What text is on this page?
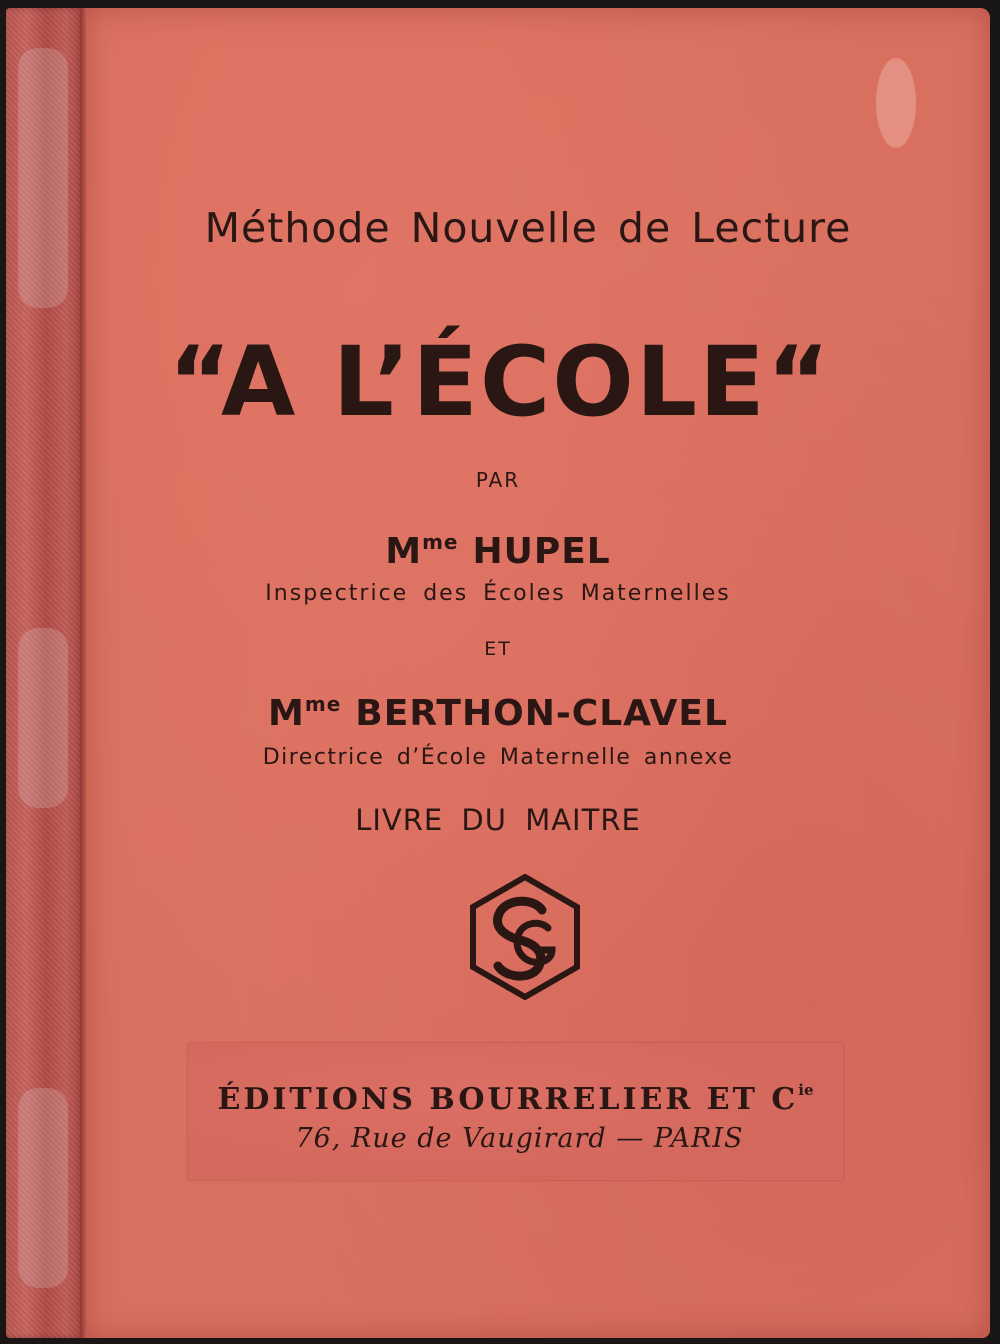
Méthode Nouvelle de Lecture

“A L’ÉCOLE“

PAR

$M^{me}$ HUPEL

Inspectrice des Écoles Maternelles

ET

$M^{me}$ BERTHON-CLAVEL

Directrice d’École Maternelle annexe

LIVRE DU MAITRE

ÉDITIONS BOURRELIER ET $C^{ie}$

76, Rue de Vaugirard — PARIS
